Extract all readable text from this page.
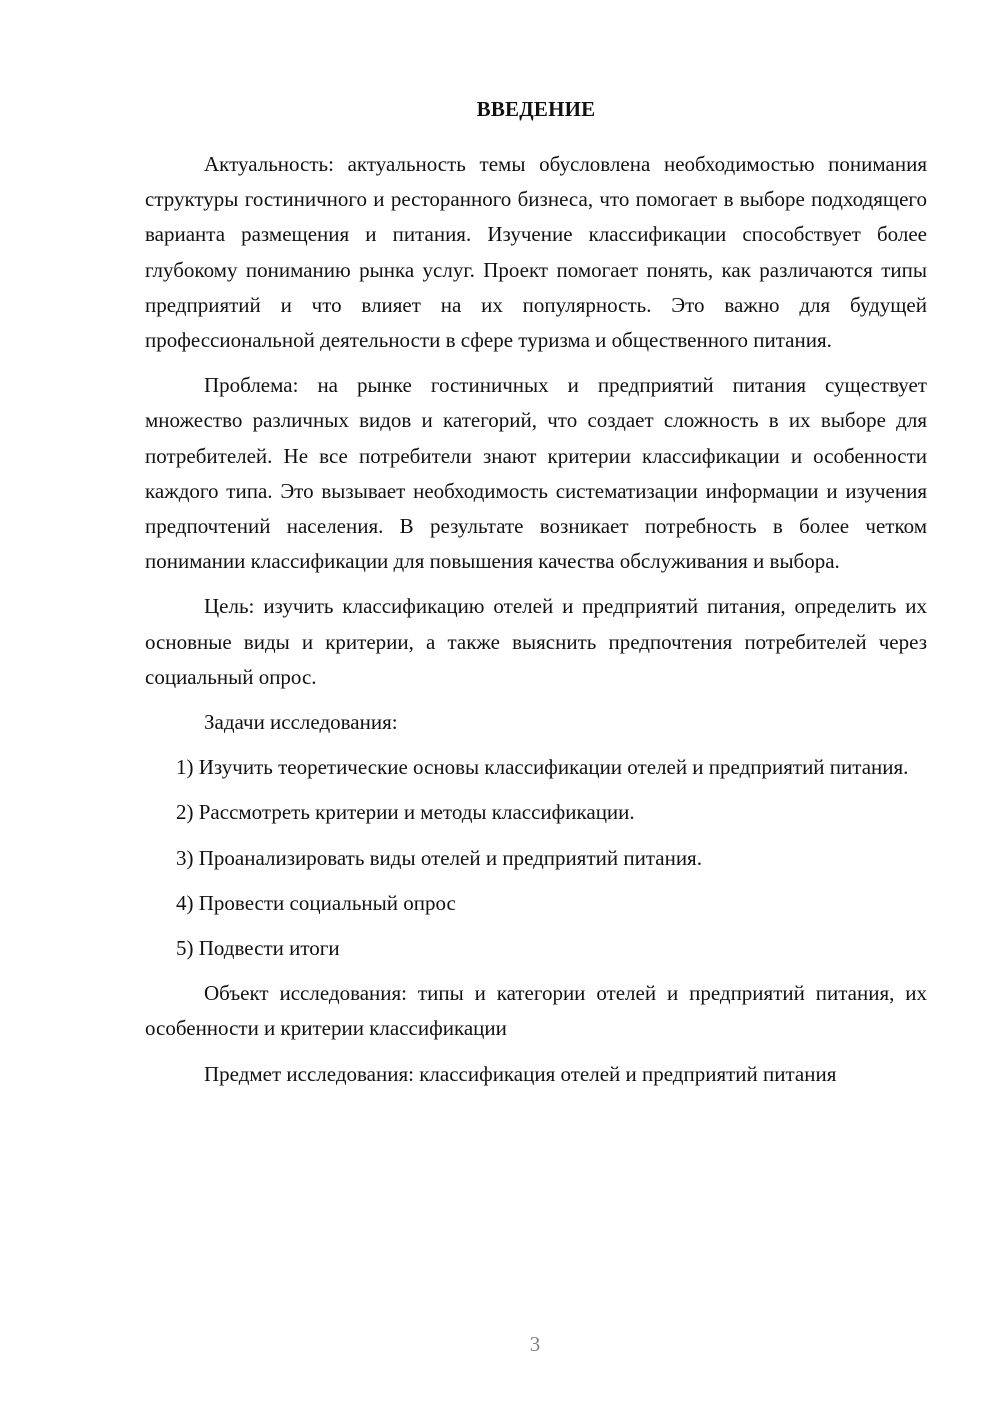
ВВЕДЕНИЕ

Актуальность: актуальность темы обусловлена необходимостью понимания структуры гостиничного и ресторанного бизнеса, что помогает в выборе подходящего варианта размещения и питания. Изучение классификации способствует более глубокому пониманию рынка услуг. Проект помогает понять, как различаются типы предприятий и что влияет на их популярность. Это важно для будущей профессиональной деятельности в сфере туризма и общественного питания.

Проблема: на рынке гостиничных и предприятий питания существует множество различных видов и категорий, что создает сложность в их выборе для потребителей. Не все потребители знают критерии классификации и особенности каждого типа. Это вызывает необходимость систематизации информации и изучения предпочтений населения. В результате возникает потребность в более четком понимании классификации для повышения качества обслуживания и выбора.

Цель: изучить классификацию отелей и предприятий питания, определить их основные виды и критерии, а также выяснить предпочтения потребителей через социальный опрос.

Задачи исследования:

1) Изучить теоретические основы классификации отелей и предприятий питания.

2) Рассмотреть критерии и методы классификации.

3) Проанализировать виды отелей и предприятий питания.

4) Провести социальный опрос

5) Подвести итоги

Объект исследования: типы и категории отелей и предприятий питания, их особенности и критерии классификации

Предмет исследования: классификация отелей и предприятий питания

3
